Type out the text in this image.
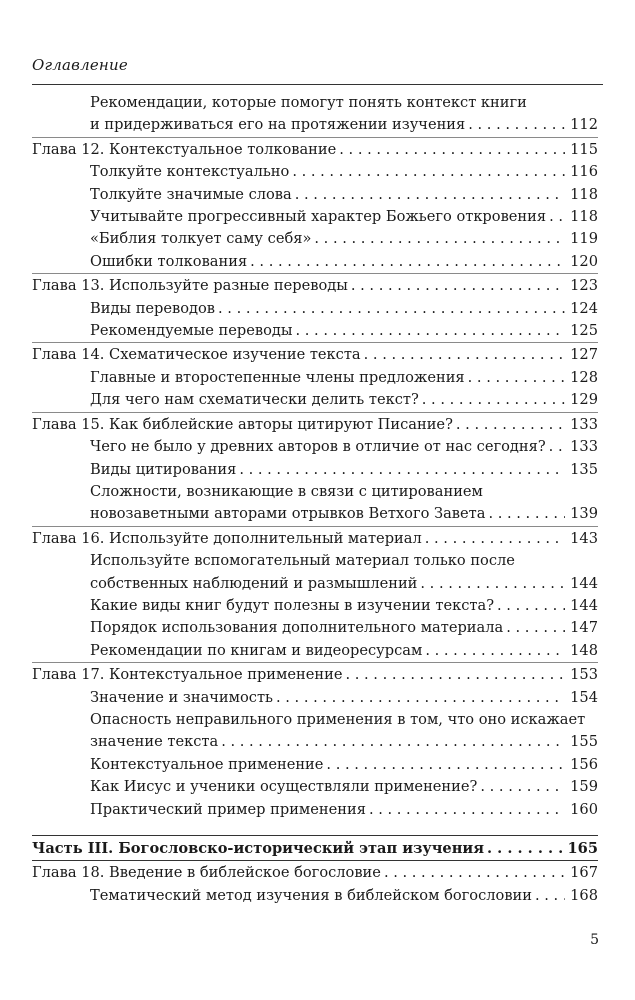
Оглавление
Рекомендации, которые помогут понять контекст книги
и придерживаться его на протяжении изучения . . .	112
Глава 12. Контекстуальное толкование . . .	115
Толкуйте контекстуально . . .	116
Толкуйте значимые слова . . .	118
Учитывайте прогрессивный характер Божьего откровения . . . 118
«Библия толкует саму себя» . . .	119
Ошибки толкования . . .	120
Глава 13. Используйте разные переводы . . .	123
Виды переводов . . .	124
Рекомендуемые переводы . . .	125
Глава 14. Схематическое изучение текста . . .	127
Главные и второстепенные члены предложения . . .	128
Для чего нам схематически делить текст? . . .	129
Глава 15. Как библейские авторы цитируют Писание? . . .	133
Чего не было у древних авторов в отличие от нас сегодня? . . . 133
Виды цитирования . . .	135
Сложности, возникающие в связи с цитированием
новозаветными авторами отрывков Ветхого Завета . . .	139
Глава 16. Используйте дополнительный материал . . .	143
Используйте вспомогательный материал только после
собственных наблюдений и размышлений . . .	144
Какие виды книг будут полезны в изучении текста? . . .	144
Порядок использования дополнительного материала . . .	147
Рекомендации по книгам и видеоресурсам . . .	148
Глава 17. Контекстуальное применение . . .	153
Значение и значимость . . .	154
Опасность неправильного применения в том, что оно искажает
значение текста . . .	155
Контекстуальное применение . . .	156
Как Иисус и ученики осуществляли применение? . . .	159
Практический пример применения . . .	160
Часть III. Богословско-исторический этап изучения . . .	165
Глава 18. Введение в библейское богословие . . .	167
Тематический метод изучения в библейском богословии . . .	168
5
